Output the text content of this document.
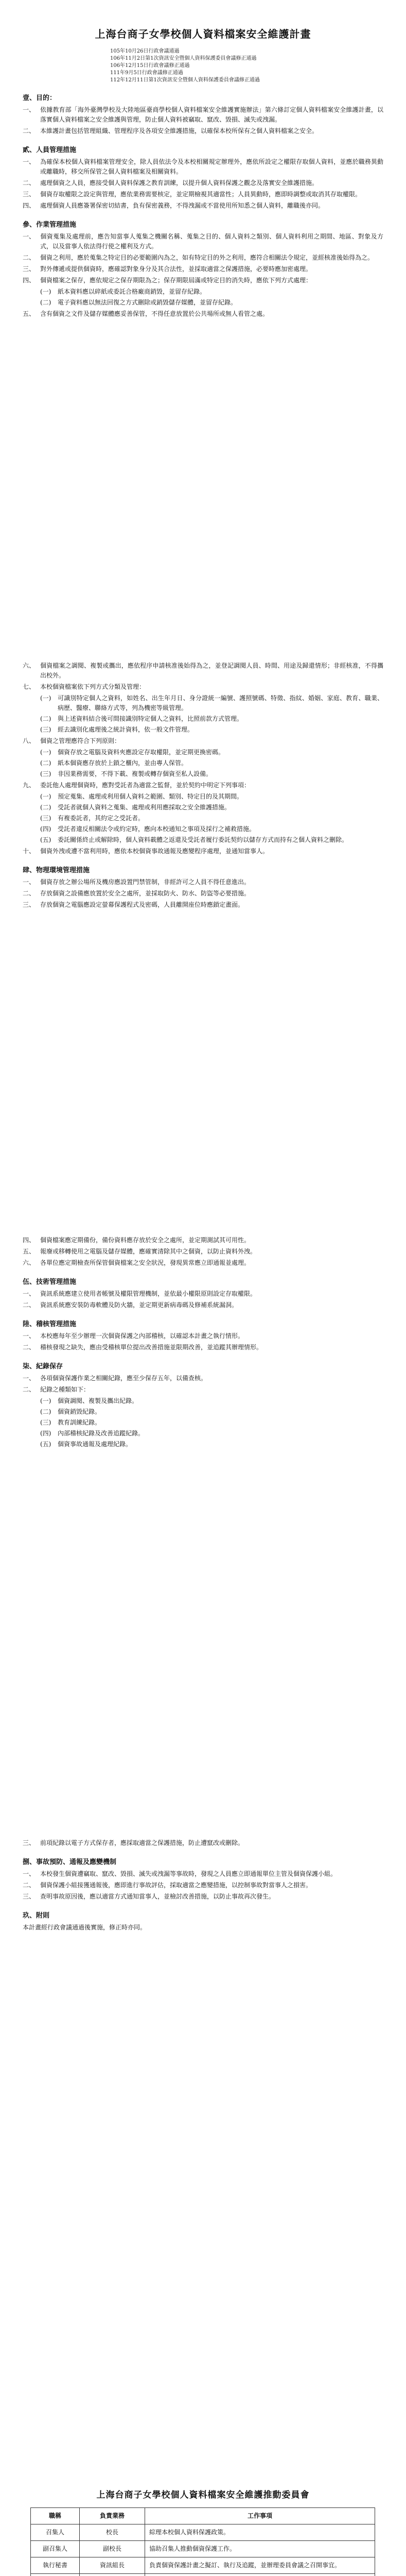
上海台商子女學校個人資料檔案安全維護計畫
105年10月26日行政會議通過
106年11月2日第1次資訊安全暨個人資料保護委員會議修正通過
106年12月15日行政會議修正通過
111年9月5日行政會議修正通過
112年12月11日第1次資訊安全暨個人資料保護委員會議修正通過
壹、目的：
一、 依據教育部「海外臺灣學校及大陸地區臺商學校個人資料檔案安全維護實施辦法」第六條訂定個人資料檔案安全維護計畫，以落實個人資料檔案之安全維護與管理，防止個人資料被竊取、竄改、毀損、滅失或洩漏。
二、 本維護計畫包括管理組織、管理程序及各項安全維護措施，以確保本校所保有之個人資料檔案之安全。
貳、人員管理措施
一、 為確保本校個人資料檔案管理安全，除人員依法令及本校相關規定辦理外，應依所設定之權限存取個人資料，並應於職務異動或離職時，移交所保管之個人資料檔案及相關資料。
二、 處理個資之人員，應接受個人資料保護之教育訓練，以提升個人資料保護之觀念及落實安全維護措施。
三、 個資存取權限之設定與管理，應依業務需要核定，並定期檢視其適當性；人員異動時，應即時調整或取消其存取權限。
四、 處理個資人員應簽署保密切結書，負有保密義務，不得洩漏或不當使用所知悉之個人資料，離職後亦同。
參、作業管理措施
一、 個資蒐集及處理前，應告知當事人蒐集之機關名稱、蒐集之目的、個人資料之類別、個人資料利用之期間、地區、對象及方式，以及當事人依法得行使之權利及方式。
二、 個資之利用，應於蒐集之特定目的必要範圍內為之，如有特定目的外之利用，應符合相關法令規定，並經核准後始得為之。
三、 對外傳遞或提供個資時，應確認對象身分及其合法性，並採取適當之保護措施，必要時應加密處理。
四、 個資檔案之保存，應依規定之保存期限為之；保存期限屆滿或特定目的消失時，應依下列方式處理：
(一) 紙本資料應以碎紙或委託合格廠商銷毀，並留存紀錄。
(二) 電子資料應以無法回復之方式刪除或銷毀儲存媒體，並留存紀錄。
五、 含有個資之文件及儲存媒體應妥善保管，不得任意放置於公共場所或無人看管之處。
六、 個資檔案之調閱、複製或攜出，應依程序申請核准後始得為之，並登記調閱人員、時間、用途及歸還情形；非經核准，不得攜出校外。
七、 本校個資檔案依下列方式分類及管理：
(一) 可識別特定個人之資料，如姓名、出生年月日、身分證統一編號、護照號碼、特徵、指紋、婚姻、家庭、教育、職業、病歷、醫療、聯絡方式等，列為機密等級管理。
(二) 與上述資料結合後可間接識別特定個人之資料，比照前款方式管理。
(三) 經去識別化處理後之統計資料，依一般文件管理。
八、 個資之管理應符合下列原則：
(一) 個資存放之電腦及資料夾應設定存取權限，並定期更換密碼。
(二) 紙本個資應存放於上鎖之櫃內，並由專人保管。
(三) 非因業務需要，不得下載、複製或轉存個資至私人設備。
九、 委託他人處理個資時，應對受託者為適當之監督，並於契約中明定下列事項：
(一) 預定蒐集、處理或利用個人資料之範圍、類別、特定目的及其期間。
(二) 受託者就個人資料之蒐集、處理或利用應採取之安全維護措施。
(三) 有複委託者，其約定之受託者。
(四) 受託者違反相關法令或約定時，應向本校通知之事項及採行之補救措施。
(五) 委託關係終止或解除時，個人資料載體之返還及受託者履行委託契約以儲存方式而持有之個人資料之刪除。
十、 個資外洩或遭不當利用時，應依本校個資事故通報及應變程序處理，並通知當事人。
肆、物理環境管理措施
一、 個資存放之辦公場所及機房應設置門禁管制，非經許可之人員不得任意進出。
二、 存放個資之設備應放置於安全之處所，並採取防火、防水、防盜等必要措施。
三、 存放個資之電腦應設定螢幕保護程式及密碼，人員離開座位時應鎖定畫面。
四、 個資檔案應定期備份，備份資料應存放於安全之處所，並定期測試其可用性。
五、 報廢或移轉使用之電腦及儲存媒體，應確實清除其中之個資，以防止資料外洩。
六、 各單位應定期檢查所保管個資檔案之安全狀況，發現異常應立即通報並處理。
伍、技術管理措施
一、 資訊系統應建立使用者帳號及權限管理機制，並依最小權限原則設定存取權限。
二、 資訊系統應安裝防毒軟體及防火牆，並定期更新病毒碼及修補系統漏洞。
陸、稽核管理措施
一、 本校應每年至少辦理一次個資保護之內部稽核，以確認本計畫之執行情形。
二、 稽核發現之缺失，應由受稽核單位提出改善措施並限期改善，並追蹤其辦理情形。
柒、紀錄保存
一、 各項個資保護作業之相關紀錄，應至少保存五年，以備查核。
二、 紀錄之種類如下：
(一) 個資調閱、複製及攜出紀錄。
(二) 個資銷毀紀錄。
(三) 教育訓練紀錄。
(四) 內部稽核紀錄及改善追蹤紀錄。
(五) 個資事故通報及處理紀錄。
三、 前項紀錄以電子方式保存者，應採取適當之保護措施，防止遭竄改或刪除。
捌、事故預防、通報及應變機制
一、 本校發生個資遭竊取、竄改、毀損、滅失或洩漏等事故時，發現之人員應立即通報單位主管及個資保護小組。
二、 個資保護小組接獲通報後，應即進行事故評估，採取適當之應變措施，以控制事故對當事人之損害。
三、 查明事故原因後，應以適當方式通知當事人，並檢討改善措施，以防止事故再次發生。
玖、附則
本計畫經行政會議通過後實施，修正時亦同。
上海台商子女學校個人資料檔案安全維護推動委員會
職稱	負責業務	工作事項
召集人	校長	綜理本校個人資料保護政策。
副召集人	副校長	協助召集人推動個資保護工作。
執行秘書	資訊組長	負責個資保護計畫之擬訂、執行及追蹤，並辦理委員會議之召開事宜。
